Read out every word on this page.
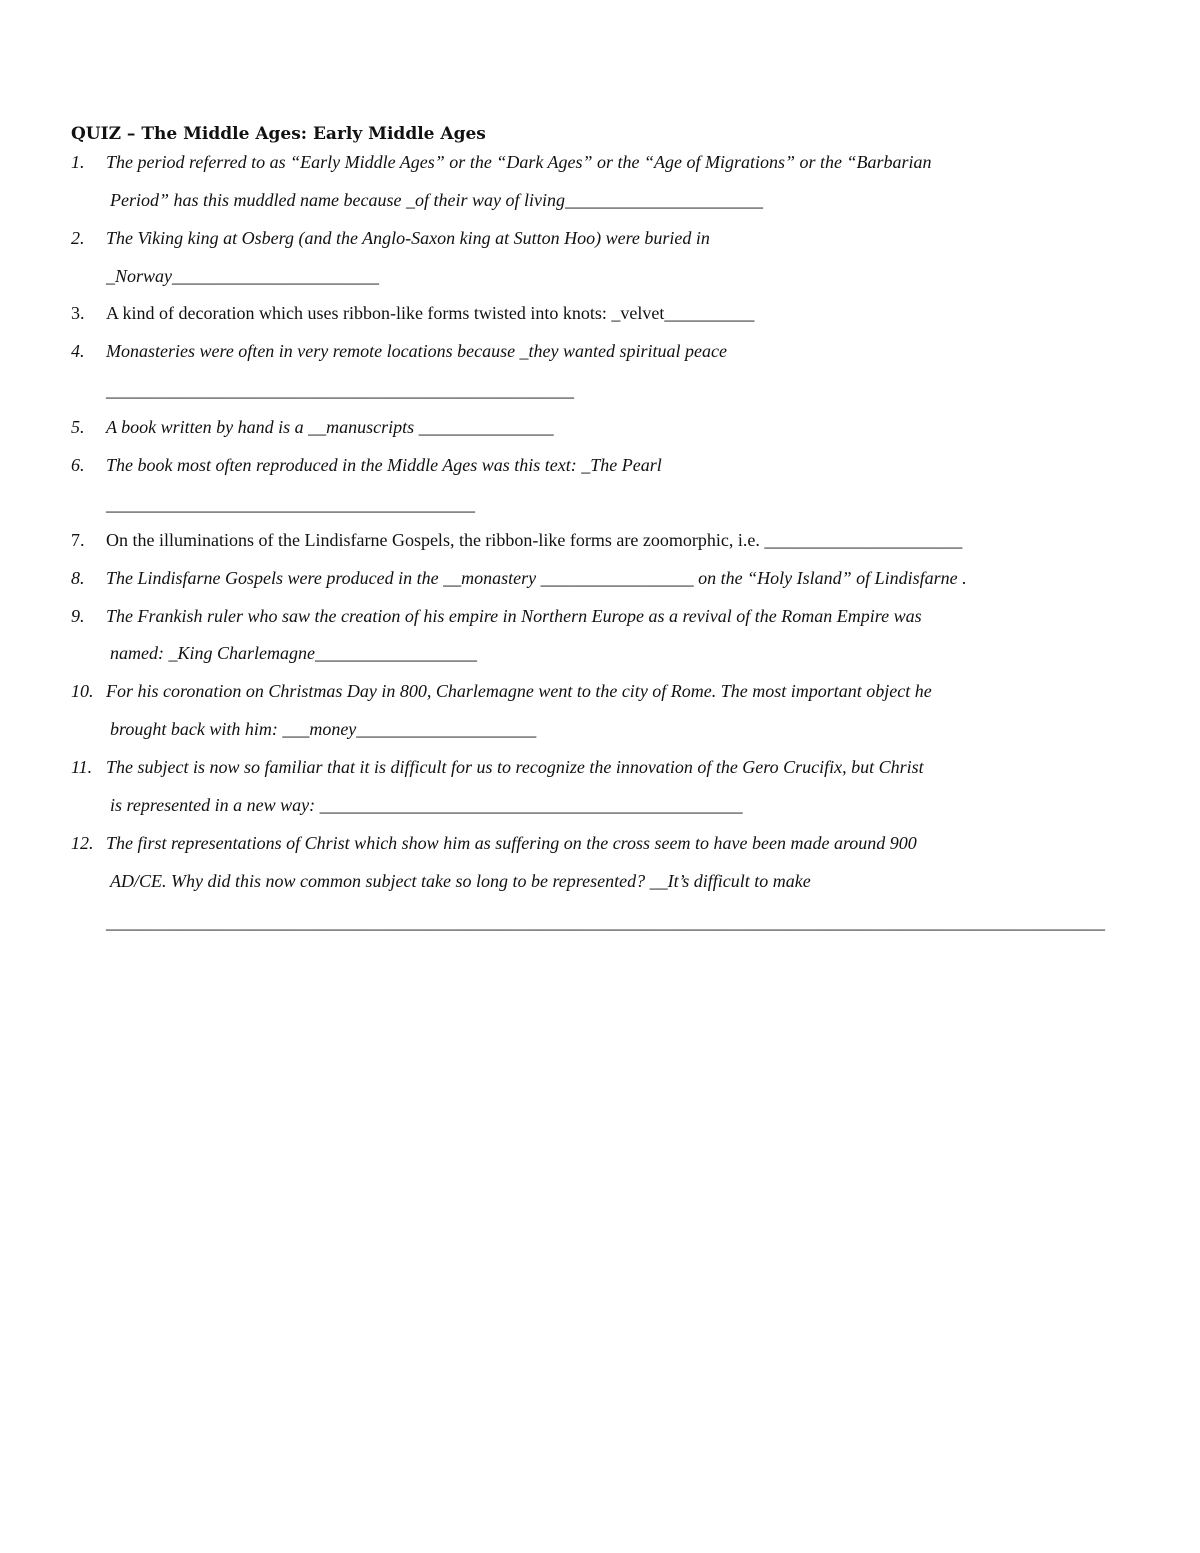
QUIZ – The Middle Ages: Early Middle Ages
1. The period referred to as “Early Middle Ages” or the “Dark Ages” or the “Age of Migrations” or the “Barbarian
Period” has this muddled name because _of their way of living______________________
2. The Viking king at Osberg (and the Anglo-Saxon king at Sutton Hoo) were buried in
_Norway_______________________
3. A kind of decoration which uses ribbon-like forms twisted into knots: _velvet__________
4. Monasteries were often in very remote locations because _they wanted spiritual peace
____________________________________________________
5. A book written by hand is a __manuscripts _______________
6. The book most often reproduced in the Middle Ages was this text: _The Pearl
_________________________________________
7. On the illuminations of the Lindisfarne Gospels, the ribbon-like forms are zoomorphic, i.e. ______________________
8. The Lindisfarne Gospels were produced in the __monastery _________________ on the “Holy Island” of Lindisfarne .
9. The Frankish ruler who saw the creation of his empire in Northern Europe as a revival of the Roman Empire was
named: _King Charlemagne__________________
10. For his coronation on Christmas Day in 800, Charlemagne went to the city of Rome. The most important object he
brought back with him: ___money____________________
11. The subject is now so familiar that it is difficult for us to recognize the innovation of the Gero Crucifix, but Christ
is represented in a new way: _______________________________________________
12. The first representations of Christ which show him as suffering on the cross seem to have been made around 900
AD/CE. Why did this now common subject take so long to be represented? __It’s difficult to make
_______________________________________________________________________________________________________________
